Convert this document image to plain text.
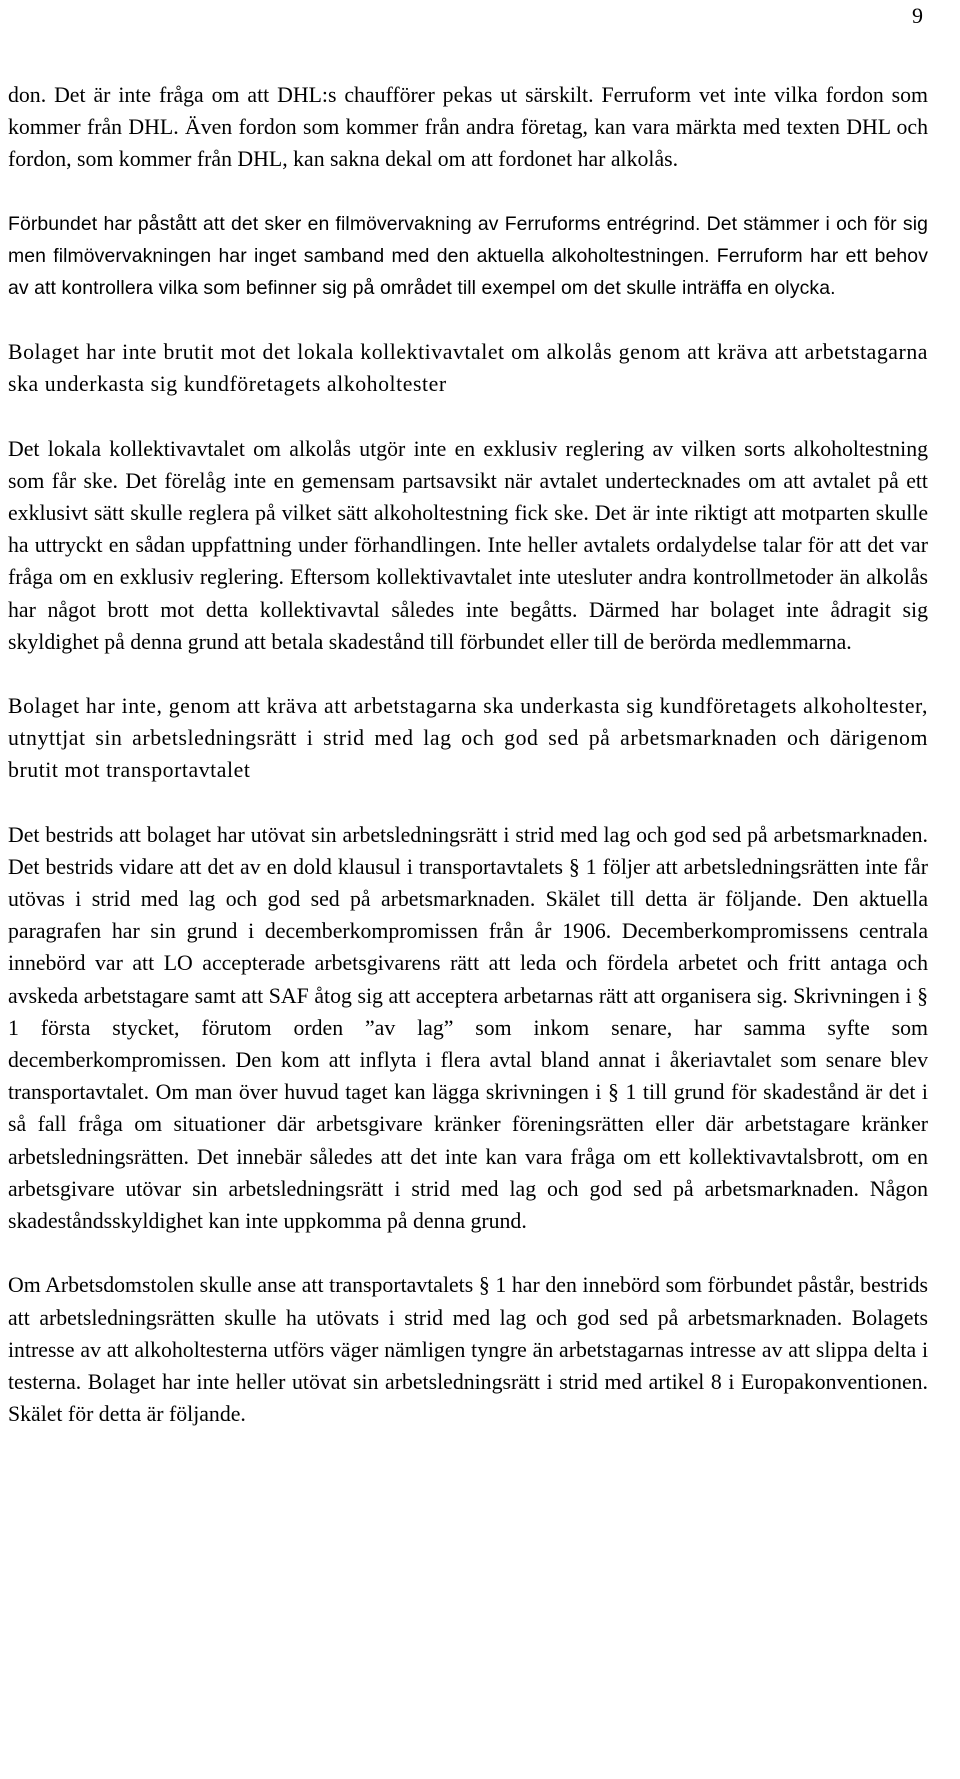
9

don. Det är inte fråga om att DHL:s chaufförer pekas ut särskilt. Ferruform vet inte vilka fordon som kommer från DHL. Även fordon som kommer från andra företag, kan vara märkta med texten DHL och fordon, som kommer från DHL, kan sakna dekal om att fordonet har alkolås.

Förbundet har påstått att det sker en filmövervakning av Ferruforms entrégrind. Det stämmer i och för sig men filmövervakningen har inget samband med den aktuella alkoholtestningen. Ferruform har ett behov av att kontrollera vilka som befinner sig på området till exempel om det skulle inträffa en olycka.

Bolaget har inte brutit mot det lokala kollektivavtalet om alkolås genom att kräva att arbetstagarna ska underkasta sig kundföretagets alkoholtester

Det lokala kollektivavtalet om alkolås utgör inte en exklusiv reglering av vilken sorts alkoholtestning som får ske. Det förelåg inte en gemensam partsavsikt när avtalet undertecknades om att avtalet på ett exklusivt sätt skulle reglera på vilket sätt alkoholtestning fick ske. Det är inte riktigt att motparten skulle ha uttryckt en sådan uppfattning under förhandlingen. Inte heller avtalets ordalydelse talar för att det var fråga om en exklusiv reglering. Eftersom kollektivavtalet inte utesluter andra kontrollmetoder än alkolås har något brott mot detta kollektivavtal således inte begåtts. Därmed har bolaget inte ådragit sig skyldighet på denna grund att betala skadestånd till förbundet eller till de berörda medlemmarna.

Bolaget har inte, genom att kräva att arbetstagarna ska underkasta sig kundföretagets alkoholtester, utnyttjat sin arbetsledningsrätt i strid med lag och god sed på arbetsmarknaden och därigenom brutit mot transportavtalet

Det bestrids att bolaget har utövat sin arbetsledningsrätt i strid med lag och god sed på arbetsmarknaden. Det bestrids vidare att det av en dold klausul i transportavtalets § 1 följer att arbetsledningsrätten inte får utövas i strid med lag och god sed på arbetsmarknaden. Skälet till detta är följande. Den aktuella paragrafen har sin grund i decemberkompromissen från år 1906. Decemberkompromissens centrala innebörd var att LO accepterade arbetsgivarens rätt att leda och fördela arbetet och fritt antaga och avskeda arbetstagare samt att SAF åtog sig att acceptera arbetarnas rätt att organisera sig. Skrivningen i § 1 första stycket, förutom orden ”av lag” som inkom senare, har samma syfte som decemberkompromissen. Den kom att inflyta i flera avtal bland annat i åkeriavtalet som senare blev transportavtalet. Om man över huvud taget kan lägga skrivningen i § 1 till grund för skadestånd är det i så fall fråga om situationer där arbetsgivare kränker föreningsrätten eller där arbetstagare kränker arbetsledningsrätten. Det innebär således att det inte kan vara fråga om ett kollektivavtalsbrott, om en arbetsgivare utövar sin arbetsledningsrätt i strid med lag och god sed på arbetsmarknaden. Någon skadeståndsskyldighet kan inte uppkomma på denna grund.

Om Arbetsdomstolen skulle anse att transportavtalets § 1 har den innebörd som förbundet påstår, bestrids att arbetsledningsrätten skulle ha utövats i strid med lag och god sed på arbetsmarknaden. Bolagets intresse av att alkoholtesterna utförs väger nämligen tyngre än arbetstagarnas intresse av att slippa delta i testerna. Bolaget har inte heller utövat sin arbetsledningsrätt i strid med artikel 8 i Europakonventionen. Skälet för detta är följande.
